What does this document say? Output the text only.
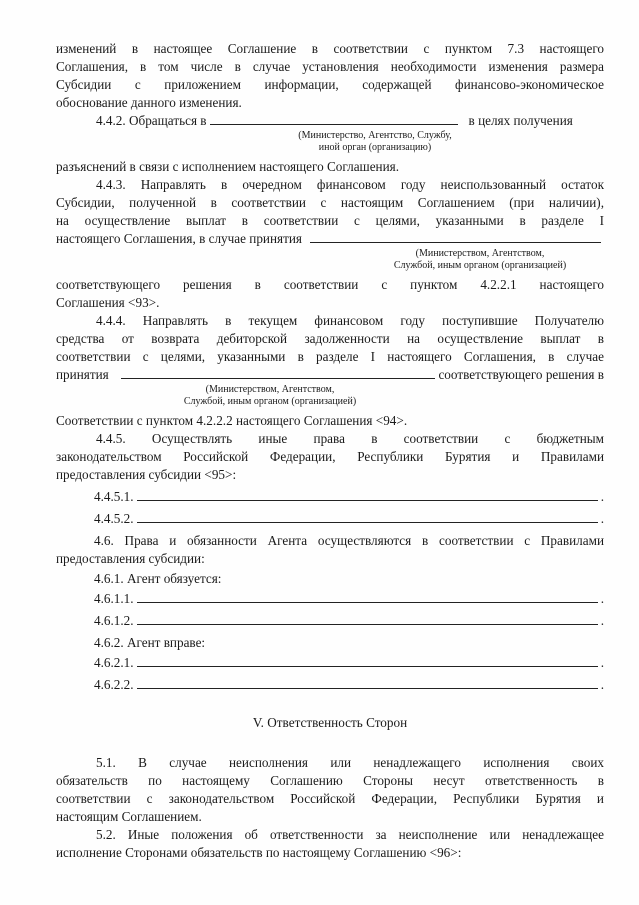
изменений в настоящее Соглашение в соответствии с пунктом 7.3 настоящего
Соглашения, в том числе в случае установления необходимости изменения размера
Субсидии с приложением информации, содержащей финансово-экономическое
обоснование данного изменения.
4.4.2. Обращаться в	в целях получения
(Министерство, Агентство, Службу,
иной орган (организацию)
разъяснений в связи с исполнением настоящего Соглашения.
4.4.3. Направлять в очередном финансовом году неиспользованный остаток
Субсидии, полученной в соответствии с настоящим Соглашением (при наличии),
на осуществление выплат в соответствии с целями, указанными в разделе I
настоящего Соглашения, в случае принятия
(Министерством, Агентством,
Службой, иным органом (организацией)
соответствующего решения в соответствии с пунктом 4.2.2.1 настоящего
Соглашения <93>.
4.4.4. Направлять в текущем финансовом году поступившие Получателю
средства от возврата дебиторской задолженности на осуществление выплат в
соответствии с целями, указанными в разделе I настоящего Соглашения, в случае
принятия	соответствующего решения в
(Министерством, Агентством,
Службой, иным органом (организацией)
Соответствии с пунктом 4.2.2.2 настоящего Соглашения <94>.
4.4.5. Осуществлять иные права в соответствии с бюджетным
законодательством Российской Федерации, Республики Бурятия и Правилами
предоставления субсидии <95>:
4.4.5.1.	.
4.4.5.2.	.
4.6. Права и обязанности Агента осуществляются в соответствии с Правилами
предоставления субсидии:
4.6.1. Агент обязуется:
4.6.1.1.	.
4.6.1.2.	.
4.6.2. Агент вправе:
4.6.2.1.	.
4.6.2.2.	.
V. Ответственность Сторон
5.1. В случае неисполнения или ненадлежащего исполнения своих
обязательств по настоящему Соглашению Стороны несут ответственность в
соответствии с законодательством Российской Федерации, Республики Бурятия и
настоящим Соглашением.
5.2. Иные положения об ответственности за неисполнение или ненадлежащее
исполнение Сторонами обязательств по настоящему Соглашению <96>:
